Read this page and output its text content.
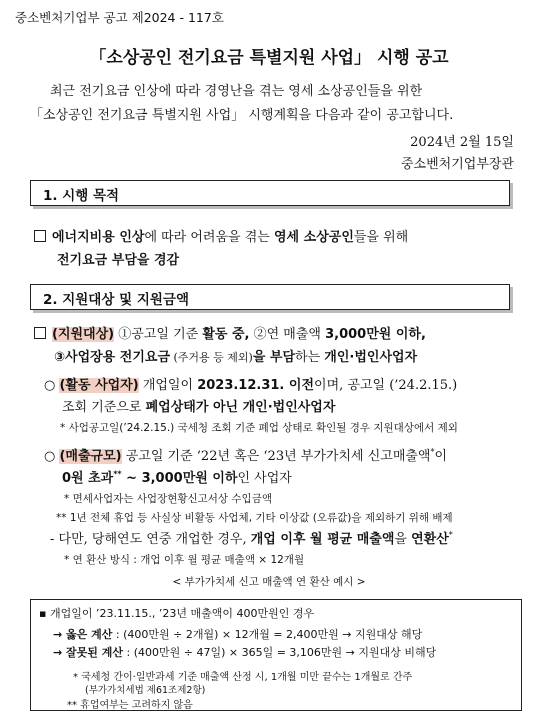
중소벤처기업부 공고 제2024 - 117호
「소상공인 전기요금 특별지원 사업」 시행 공고
최근 전기요금 인상에 따라 경영난을 겪는 영세 소상공인들을 위한
「소상공인 전기요금 특별지원 사업」 시행계획을 다음과 같이 공고합니다.
2024년 2월 15일
중소벤처기업부장관
1. 시행 목적
에너지비용 인상에 따라 어려움을 겪는 영세 소상공인들을 위해
전기요금 부담을 경감
2. 지원대상 및 지원금액
(지원대상) ①공고일 기준 활동 중, ②연 매출액 3,000만원 이하,
③사업장용 전기요금 (주거용 등 제외)을 부담하는 개인·법인사업자
○ (활동 사업자) 개업일이 2023.12.31. 이전이며, 공고일 (’24.2.15.)
조회 기준으로 폐업상태가 아닌 개인·법인사업자
* 사업공고일(’24.2.15.) 국세청 조회 기준 폐업 상태로 확인될 경우 지원대상에서 제외
○ (매출규모) 공고일 기준 ‘22년 혹은 ‘23년 부가가치세 신고매출액*이
0원 초과** ~ 3,000만원 이하인 사업자
* 면세사업자는 사업장현황신고서상 수입금액
** 1년 전체 휴업 등 사실상 비활동 사업체, 기타 이상값 (오류값)을 제외하기 위해 배제
- 다만, 당해연도 연중 개업한 경우, 개업 이후 월 평균 매출액을 연환산*
* 연 환산 방식 : 개업 이후 월 평균 매출액 × 12개월
< 부가가치세 신고 매출액 연 환산 예시 >
▪ 개업일이 ’23.11.15., ’23년 매출액이 400만원인 경우
→ 옳은 계산 : (400만원 ÷ 2개월) × 12개월 = 2,400만원 → 지원대상 해당
→ 잘못된 계산 : (400만원 ÷ 47일) × 365일 = 3,106만원 → 지원대상 비해당
* 국세청 간이·일반과세 기준 매출액 산정 시, 1개월 미만 끝수는 1개월로 간주
(부가가치세법 제61조제2항)
** 휴업여부는 고려하지 않음
